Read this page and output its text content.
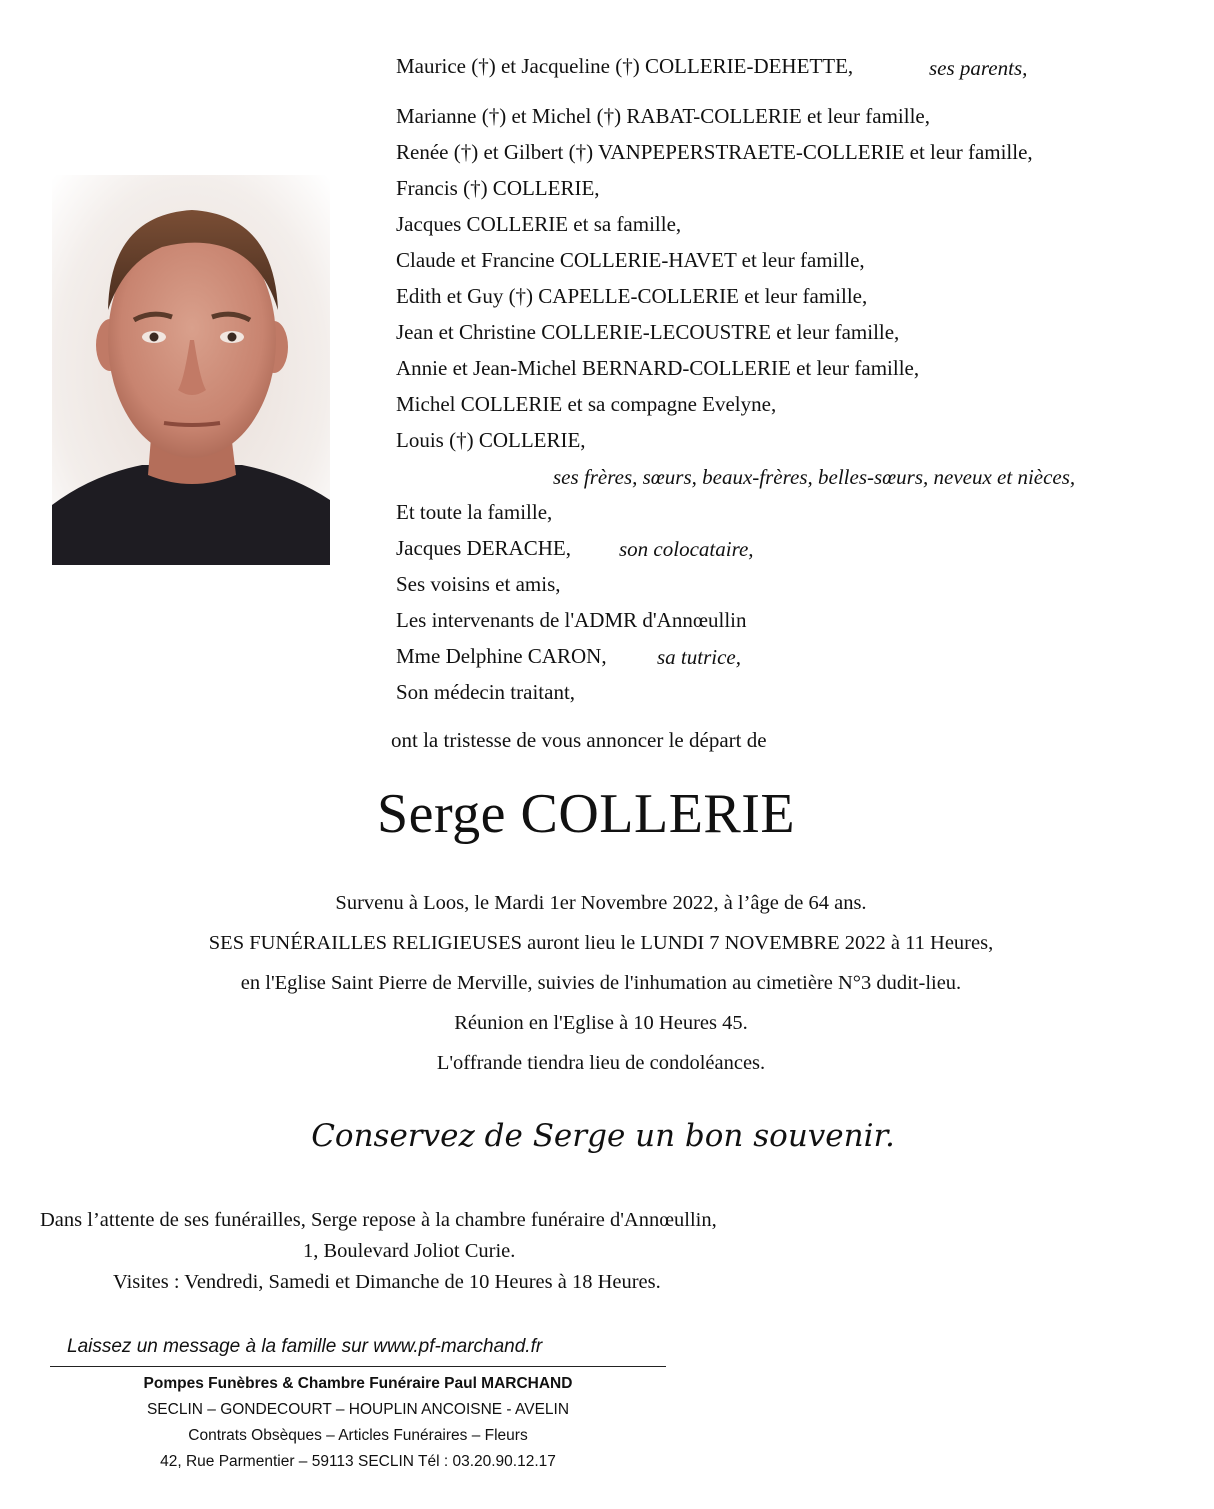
Maurice (†) et Jacqueline (†) COLLERIE-DEHETTE,	ses parents,
Marianne (†) et Michel (†) RABAT-COLLERIE et leur famille,
Renée (†) et Gilbert (†) VANPEPERSTRAETE-COLLERIE et leur famille,
Francis (†) COLLERIE,
Jacques COLLERIE et sa famille,
Claude et Francine COLLERIE-HAVET et leur famille,
Edith et Guy (†) CAPELLE-COLLERIE et leur famille,
Jean et Christine COLLERIE-LECOUSTRE et leur famille,
Annie et Jean-Michel BERNARD-COLLERIE et leur famille,
Michel COLLERIE et sa compagne Evelyne,
Louis (†) COLLERIE,
ses frères, sœurs, beaux-frères, belles-sœurs, neveux et nièces,
Et toute la famille,
Jacques DERACHE, son colocataire,
Ses voisins et amis,
Les intervenants de l'ADMR d'Annœullin
Mme Delphine CARON, sa tutrice,
Son médecin traitant,
ont la tristesse de vous annoncer le départ de
Serge COLLERIE
Survenu à Loos, le Mardi 1er Novembre 2022, à l’âge de 64 ans.
SES FUNÉRAILLES RELIGIEUSES auront lieu le LUNDI 7 NOVEMBRE 2022 à 11 Heures,
en l'Eglise Saint Pierre de Merville, suivies de l'inhumation au cimetière N°3 dudit-lieu.
Réunion en l'Eglise à 10 Heures 45.
L'offrande tiendra lieu de condoléances.
Conservez de Serge un bon souvenir.
Dans l’attente de ses funérailles, Serge repose à la chambre funéraire d'Annœullin,
1, Boulevard Joliot Curie.
Visites : Vendredi, Samedi et Dimanche de 10 Heures à 18 Heures.
Laissez un message à la famille sur www.pf-marchand.fr
Pompes Funèbres & Chambre Funéraire Paul MARCHAND
SECLIN – GONDECOURT – HOUPLIN ANCOISNE - AVELIN
Contrats Obsèques – Articles Funéraires – Fleurs
42, Rue Parmentier – 59113 SECLIN Tél : 03.20.90.12.17
